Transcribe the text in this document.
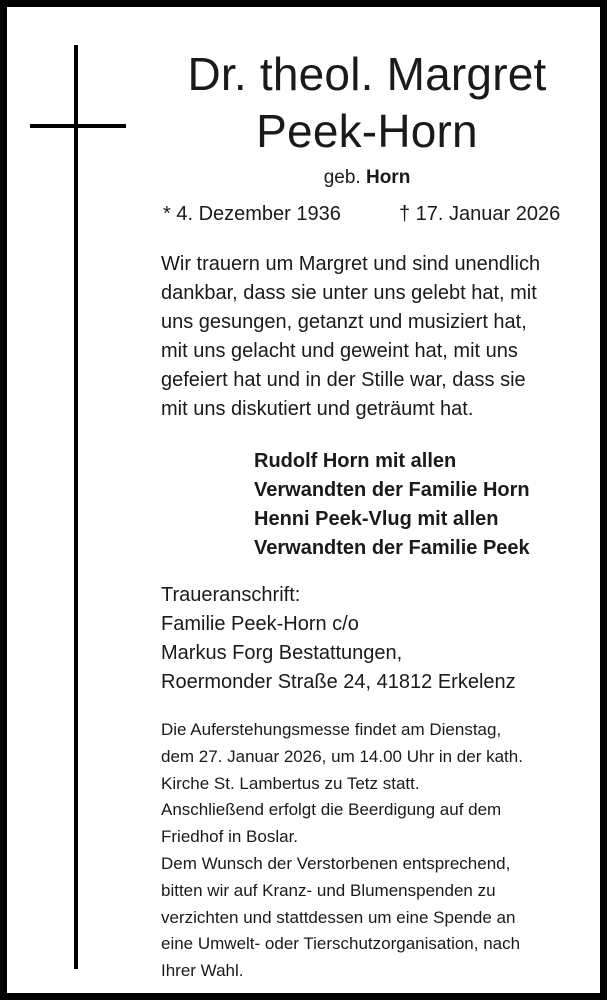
Dr. theol. Margret
Peek-Horn
geb. Horn
* 4. Dezember 1936	† 17. Januar 2026
Wir trauern um Margret und sind unendlich
dankbar, dass sie unter uns gelebt hat, mit
uns gesungen, getanzt und musiziert hat,
mit uns gelacht und geweint hat, mit uns
gefeiert hat und in der Stille war, dass sie
mit uns diskutiert und geträumt hat.
Rudolf Horn mit allen
Verwandten der Familie Horn
Henni Peek-Vlug mit allen
Verwandten der Familie Peek
Traueranschrift:
Familie Peek-Horn c/o
Markus Forg Bestattungen,
Roermonder Straße 24, 41812 Erkelenz
Die Auferstehungsmesse findet am Dienstag,
dem 27. Januar 2026, um 14.00 Uhr in der kath.
Kirche St. Lambertus zu Tetz statt.
Anschließend erfolgt die Beerdigung auf dem
Friedhof in Boslar.
Dem Wunsch der Verstorbenen entsprechend,
bitten wir auf Kranz- und Blumenspenden zu
verzichten und stattdessen um eine Spende an
eine Umwelt- oder Tierschutzorganisation, nach
Ihrer Wahl.
